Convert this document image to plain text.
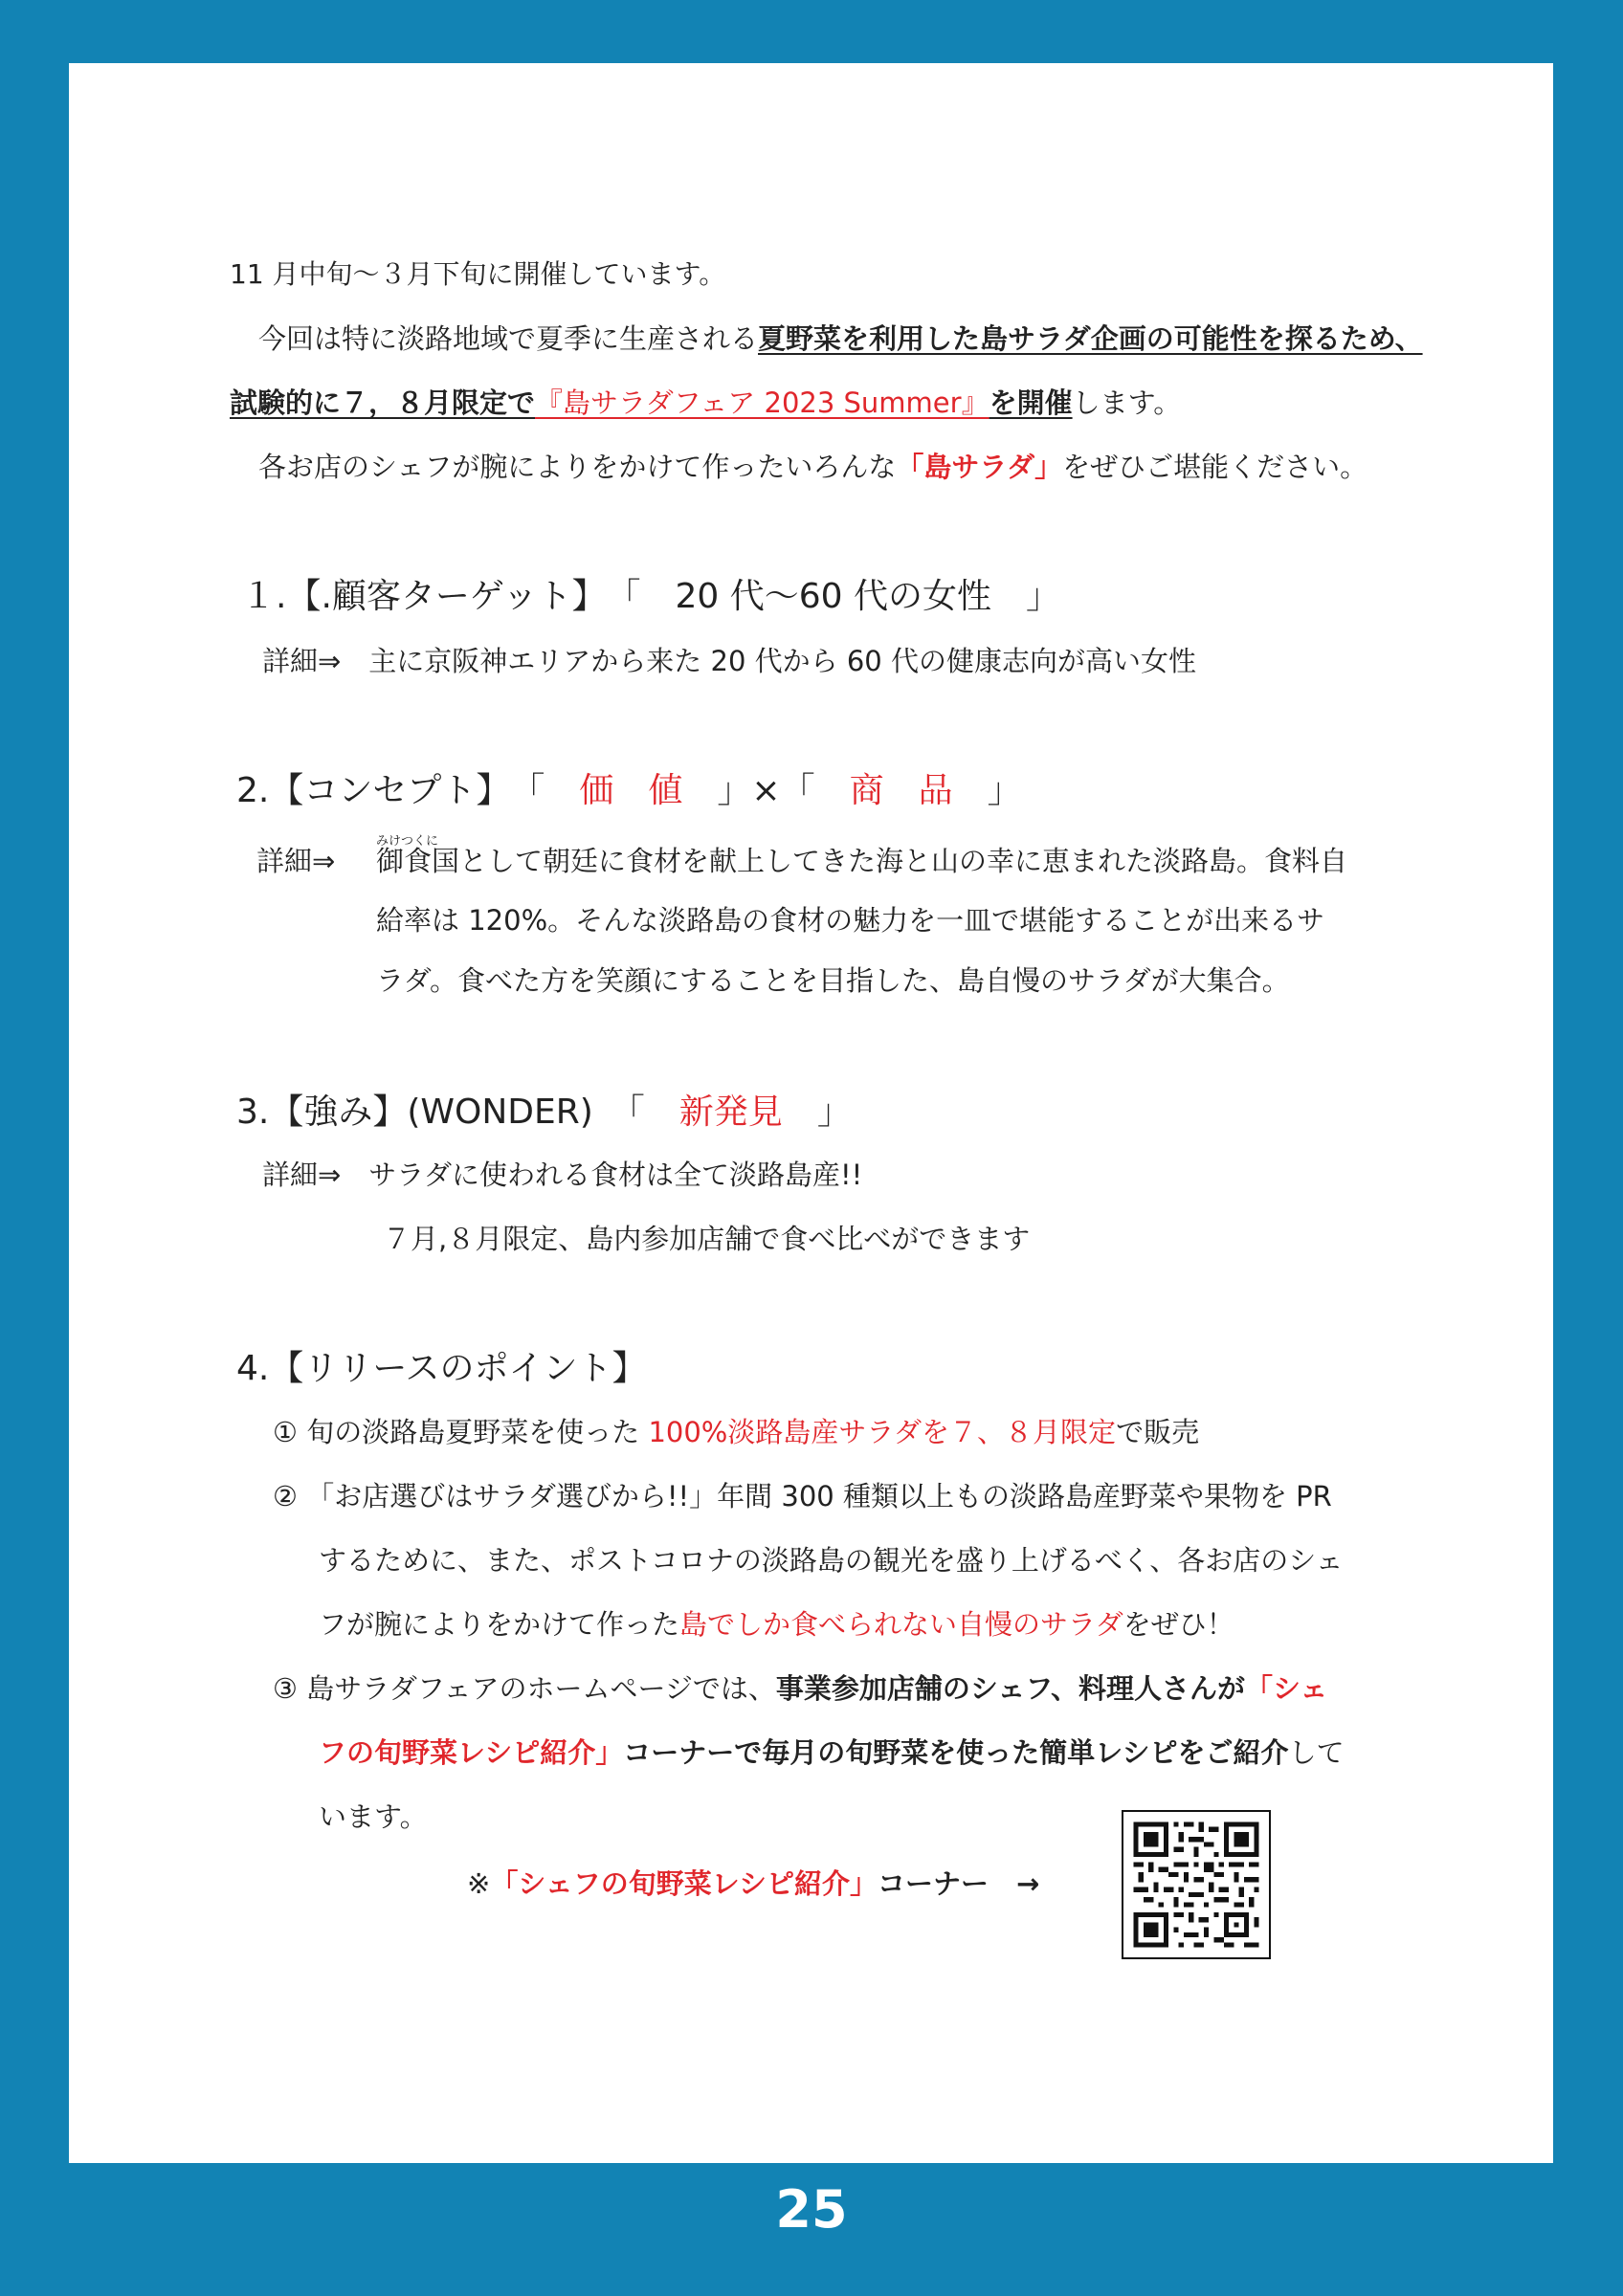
11 月中旬～３月下旬に開催しています。
今回は特に淡路地域で夏季に生産される夏野菜を利用した島サラダ企画の可能性を探るため、
試験的に７，８月限定で『島サラダフェア 2023 Summer』を開催します。
各お店のシェフが腕によりをかけて作ったいろんな「島サラダ」をぜひご堪能ください。
１.【.顧客ターゲット】　「　20 代～60 代の女性　」
詳細⇒　主に京阪神エリアから来た 20 代から 60 代の健康志向が高い女性
2.【コンセプト】　「　 価　値　 」×「　 商　品　 」
みけつくに
詳細⇒ 御食国として朝廷に食材を献上してきた海と山の幸に恵まれた淡路島。食料自
給率は 120%。そんな淡路島の食材の魅力を一皿で堪能することが出来るサ
ラダ。食べた方を笑顔にすることを目指した、島自慢のサラダが大集合。
3.【強み】(WONDER)　「　 新発見　 」
詳細⇒　サラダに使われる食材は全て淡路島産!!
７月,８月限定、島内参加店舗で食べ比べができます
4.【リリースのポイント】
① 旬の淡路島夏野菜を使った 100%淡路島産サラダを７、８月限定で販売
② 「お店選びはサラダ選びから!!」年間 300 種類以上もの淡路島産野菜や果物を PR
するために、また、ポストコロナの淡路島の観光を盛り上げるべく、各お店のシェ
フが腕によりをかけて作った島でしか食べられない自慢のサラダをぜひ！
③ 島サラダフェアのホームページでは、事業参加店舗のシェフ、料理人さんが「シェ
フの旬野菜レシピ紹介」コーナーで毎月の旬野菜を使った簡単レシピをご紹介して
います。
※「シェフの旬野菜レシピ紹介」コーナー　→
25
